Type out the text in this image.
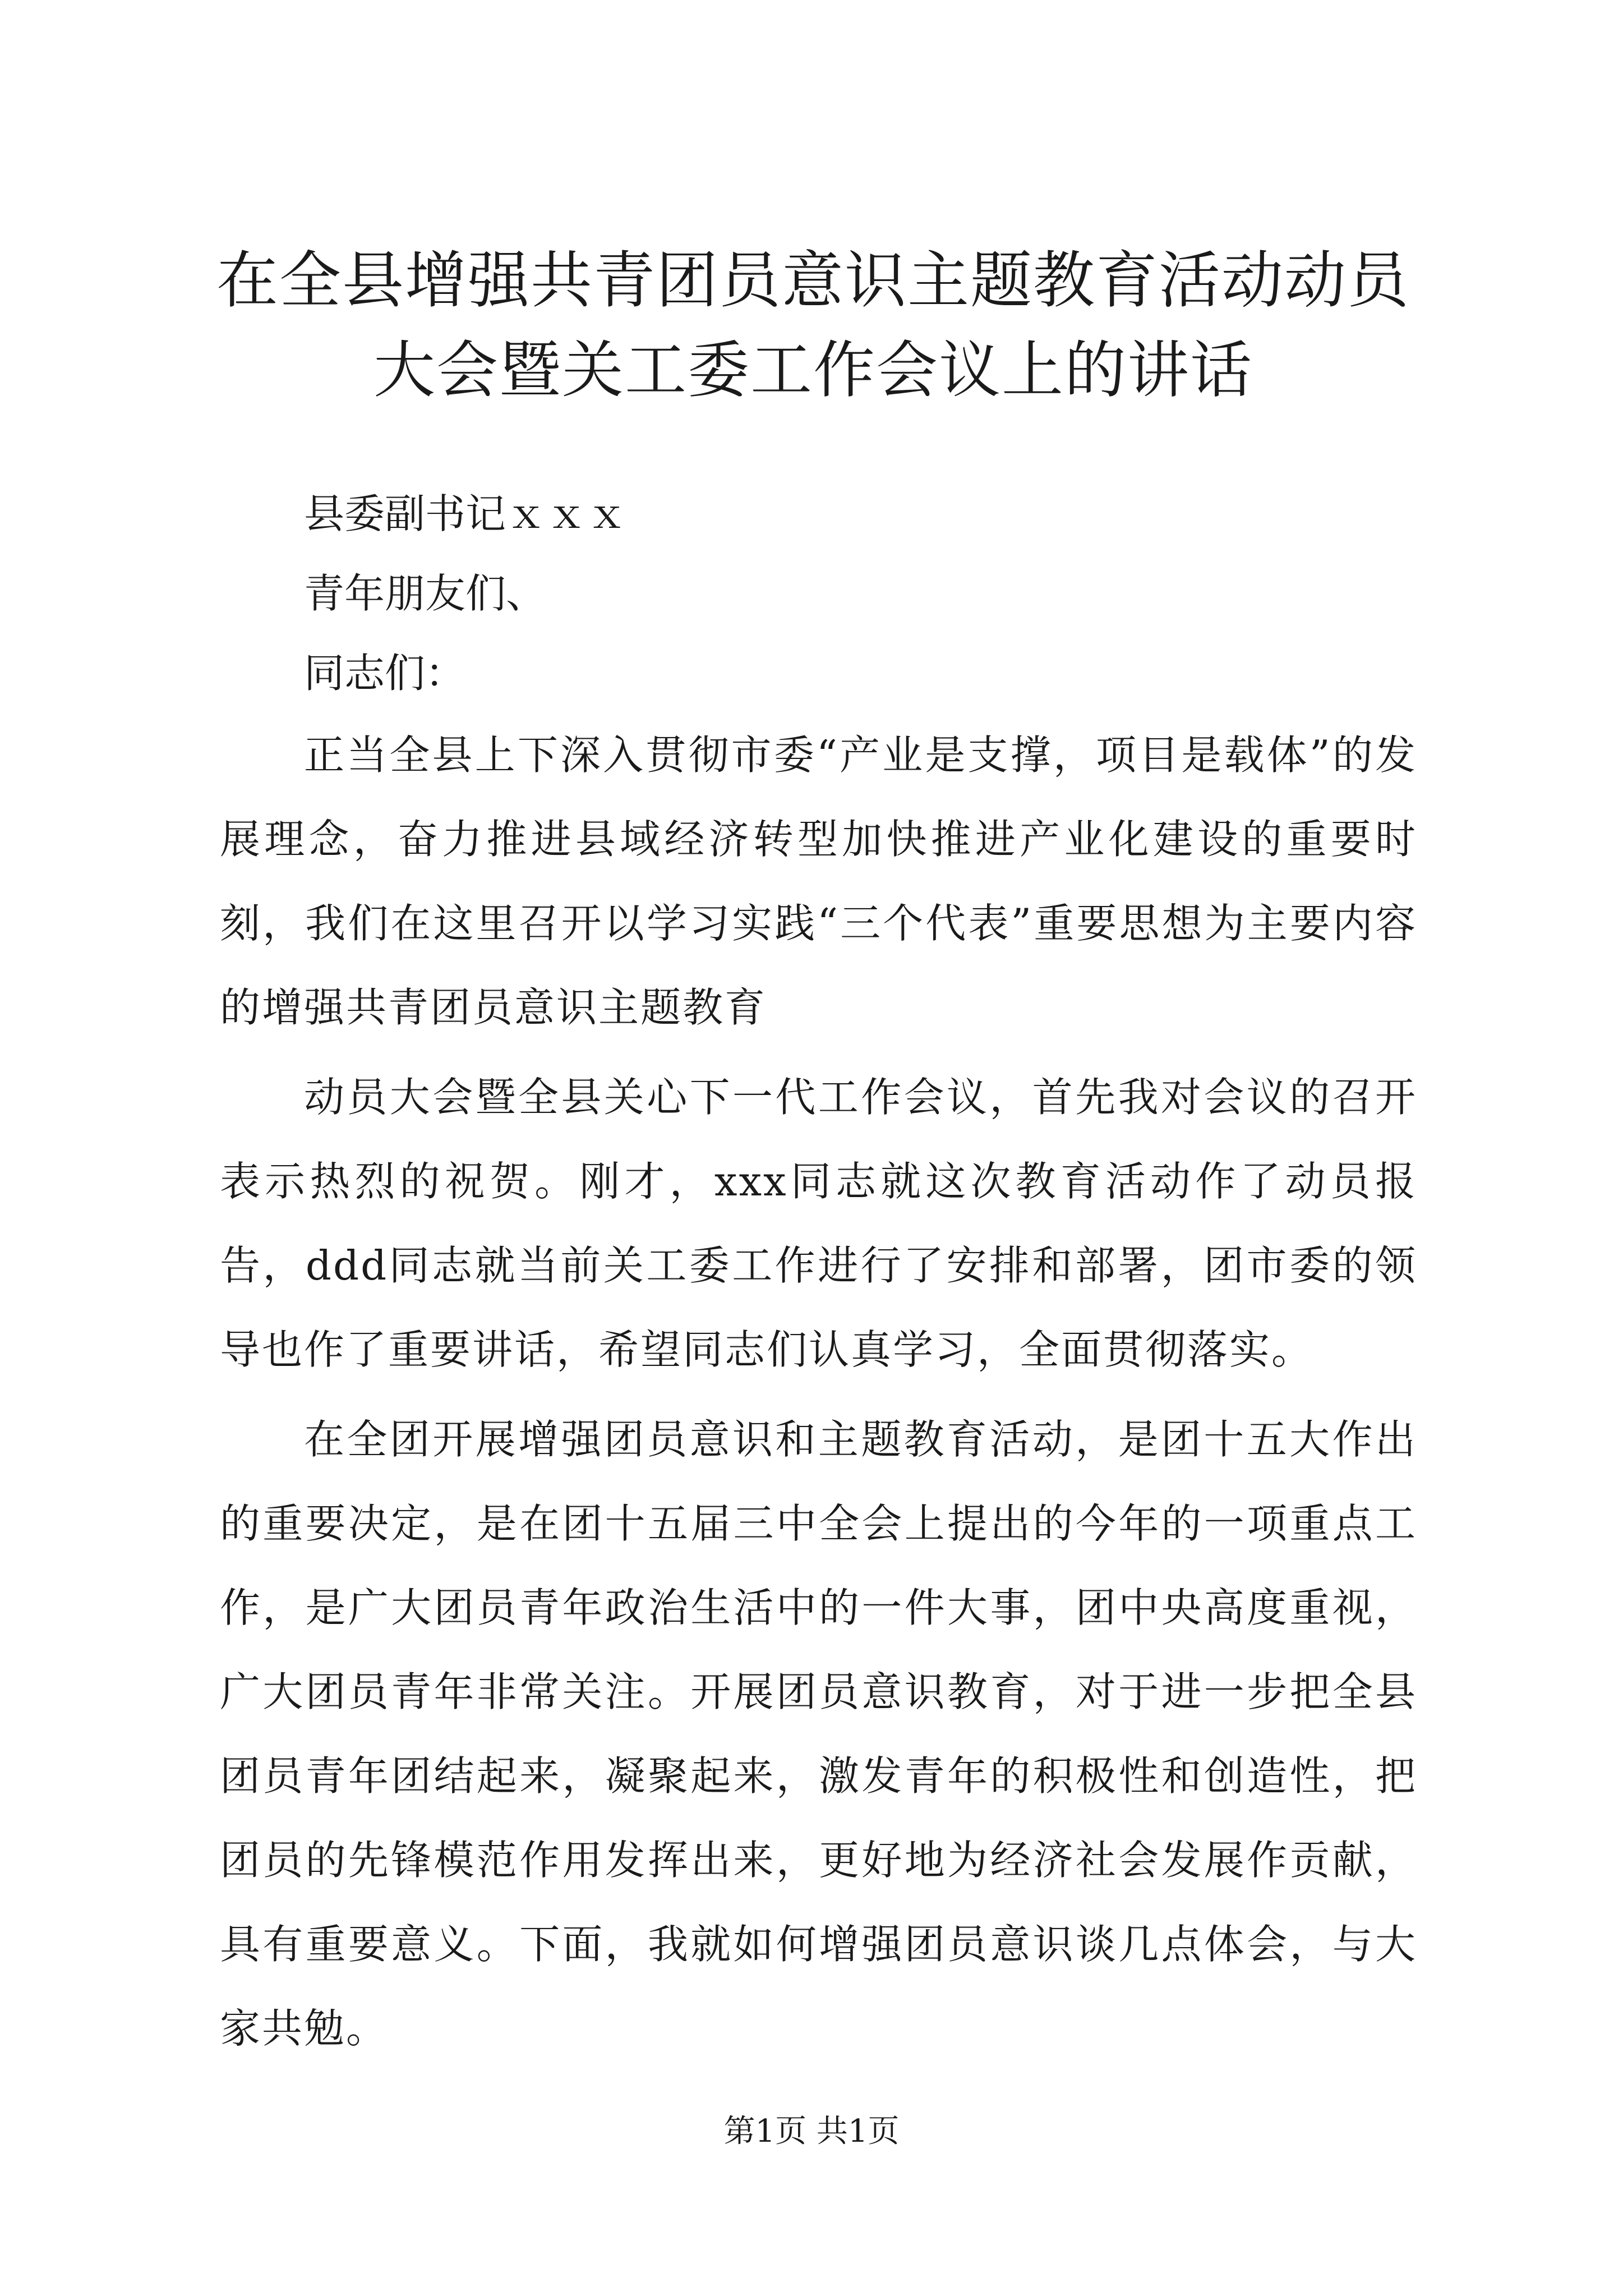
在全县增强共青团员意识主题教育活动动员大会暨关工委工作会议上的讲话

县委副书记ｘｘｘ

青年朋友们、

同志们：

正当全县上下深入贯彻市委“产业是支撑，项目是载体”的发展理念，奋力推进县域经济转型加快推进产业化建设的重要时刻，我们在这里召开以学习实践“三个代表”重要思想为主要内容的增强共青团员意识主题教育

动员大会暨全县关心下一代工作会议，首先我对会议的召开表示热烈的祝贺。刚才，xxx同志就这次教育活动作了动员报告，ddd同志就当前关工委工作进行了安排和部署，团市委的领导也作了重要讲话，希望同志们认真学习，全面贯彻落实。

在全团开展增强团员意识和主题教育活动，是团十五大作出的重要决定，是在团十五届三中全会上提出的今年的一项重点工作，是广大团员青年政治生活中的一件大事，团中央高度重视，广大团员青年非常关注。开展团员意识教育，对于进一步把全县团员青年团结起来，凝聚起来，激发青年的积极性和创造性，把团员的先锋模范作用发挥出来，更好地为经济社会发展作贡献，具有重要意义。下面，我就如何增强团员意识谈几点体会，与大家共勉。

第1页 共1页
